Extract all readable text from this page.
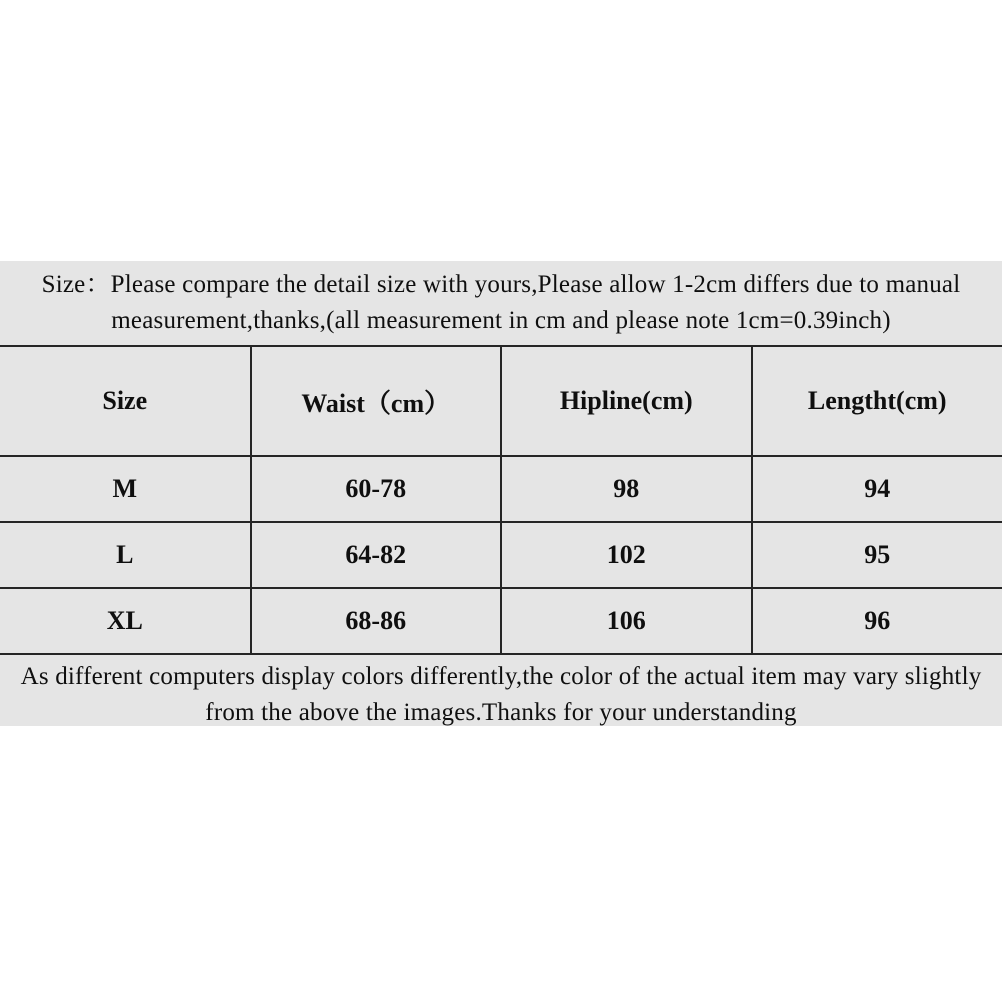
Size：Please compare the detail size with yours,Please allow 1-2cm differs due to manual measurement,thanks,(all measurement in cm and please note 1cm=0.39inch)
Size	Waist（cm）	Hipline(cm)	Lengtht(cm)
M	60-78	98	94
L	64-82	102	95
XL	68-86	106	96
As different computers display colors differently,the color of the actual item may vary slightly from the above the images.Thanks for your understanding
